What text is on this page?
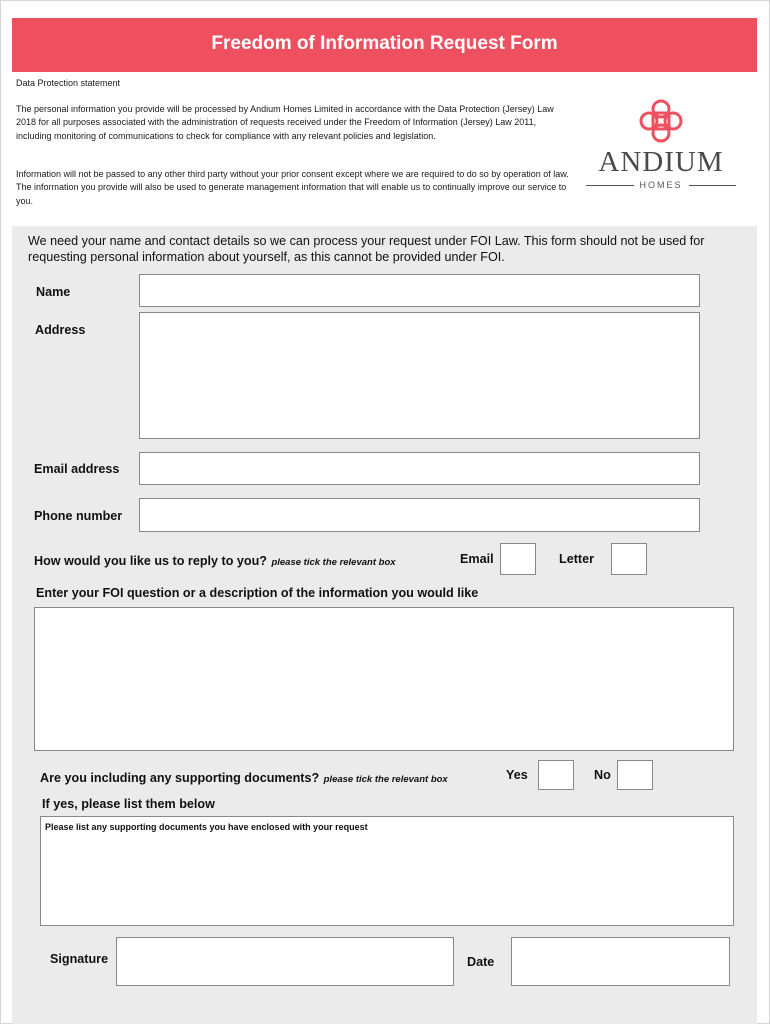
Freedom of Information Request Form
Data Protection statement
The personal information you provide will be processed by Andium Homes Limited in accordance with the Data Protection (Jersey) Law 2018 for all purposes associated with the administration of requests received under the Freedom of Information (Jersey) Law 2011, including monitoring of communications to check for compliance with any relevant policies and legislation.
Information will not be passed to any other third party without your prior consent except where we are required to do so by operation of law. The information you provide will also be used to generate management information that will enable us to continually improve our service to you.
ANDIUM
HOMES
We need your name and contact details so we can process your request under FOI Law. This form should not be used for requesting personal information about yourself, as this cannot be provided under FOI.
Name
Address
Email address
Phone number
How would you like us to reply to you? please tick the relevant box	Email	Letter
Enter your FOI question or a description of the information you would like
Are you including any supporting documents? please tick the relevant box	Yes	No
If yes, please list them below
Please list any supporting documents you have enclosed with your request
Signature	Date
